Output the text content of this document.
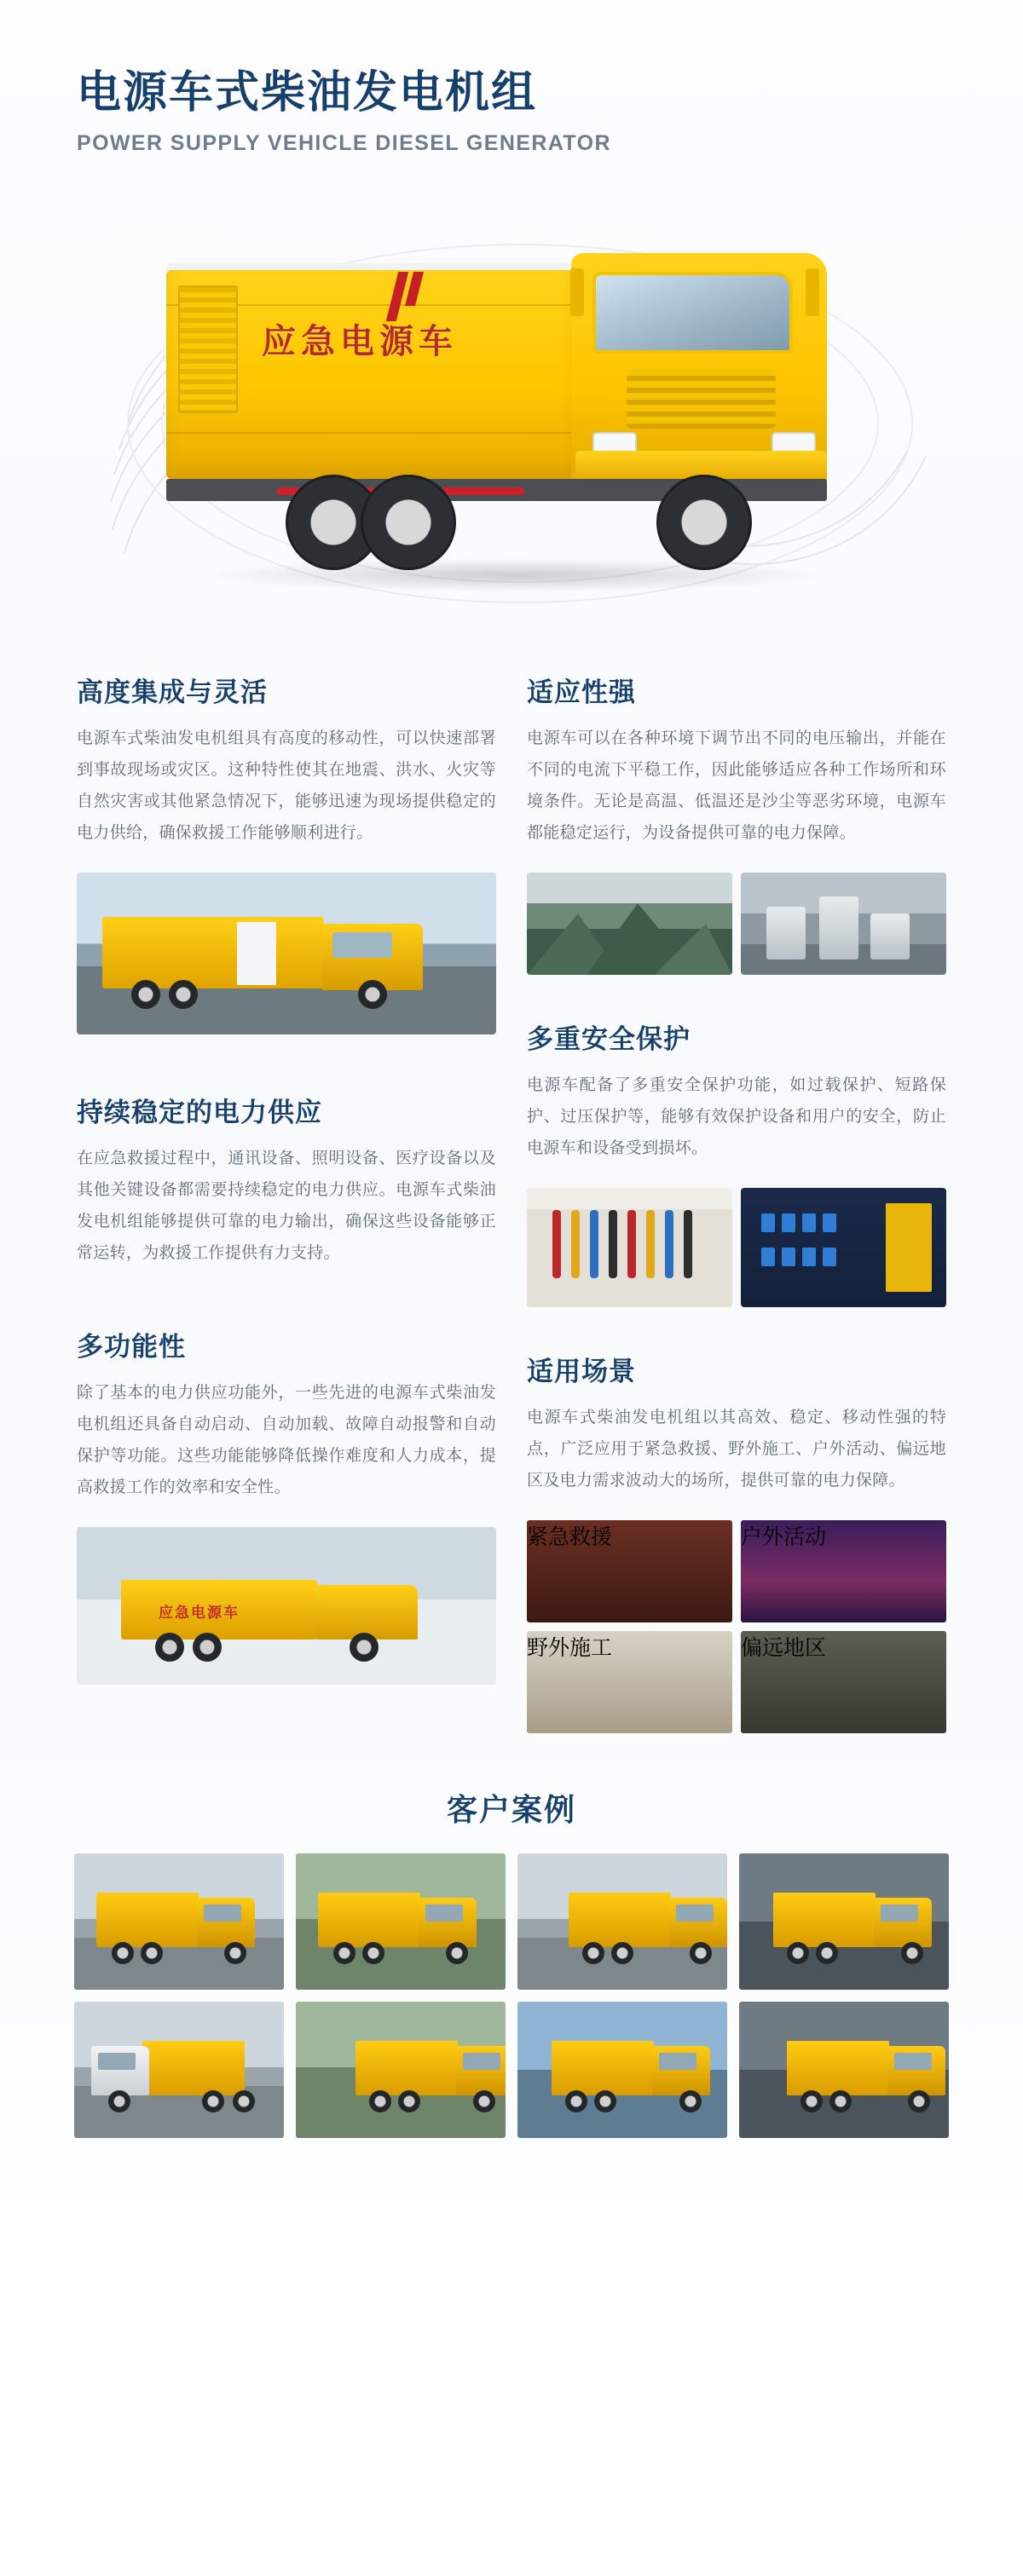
电源车式柴油发电机组
POWER SUPPLY VEHICLE DIESEL GENERATOR
应急电源车
高度集成与灵活
电源车式柴油发电机组具有高度的移动性，可以快速部署到事故现场或灾区。这种特性使其在地震、洪水、火灾等自然灾害或其他紧急情况下，能够迅速为现场提供稳定的电力供给，确保救援工作能够顺利进行。
持续稳定的电力供应
在应急救援过程中，通讯设备、照明设备、医疗设备以及其他关键设备都需要持续稳定的电力供应。电源车式柴油发电机组能够提供可靠的电力输出，确保这些设备能够正常运转，为救援工作提供有力支持。
多功能性
除了基本的电力供应功能外，一些先进的电源车式柴油发电机组还具备自动启动、自动加载、故障自动报警和自动保护等功能。这些功能能够降低操作难度和人力成本，提高救援工作的效率和安全性。
应急电源车
适应性强
电源车可以在各种环境下调节出不同的电压输出，并能在不同的电流下平稳工作，因此能够适应各种工作场所和环境条件。无论是高温、低温还是沙尘等恶劣环境，电源车都能稳定运行，为设备提供可靠的电力保障。
多重安全保护
电源车配备了多重安全保护功能，如过载保护、短路保护、过压保护等，能够有效保护设备和用户的安全，防止电源车和设备受到损坏。
适用场景
电源车式柴油发电机组以其高效、稳定、移动性强的特点，广泛应用于紧急救援、野外施工、户外活动、偏远地区及电力需求波动大的场所，提供可靠的电力保障。
紧急救援	户外活动
野外施工	偏远地区
客户案例
